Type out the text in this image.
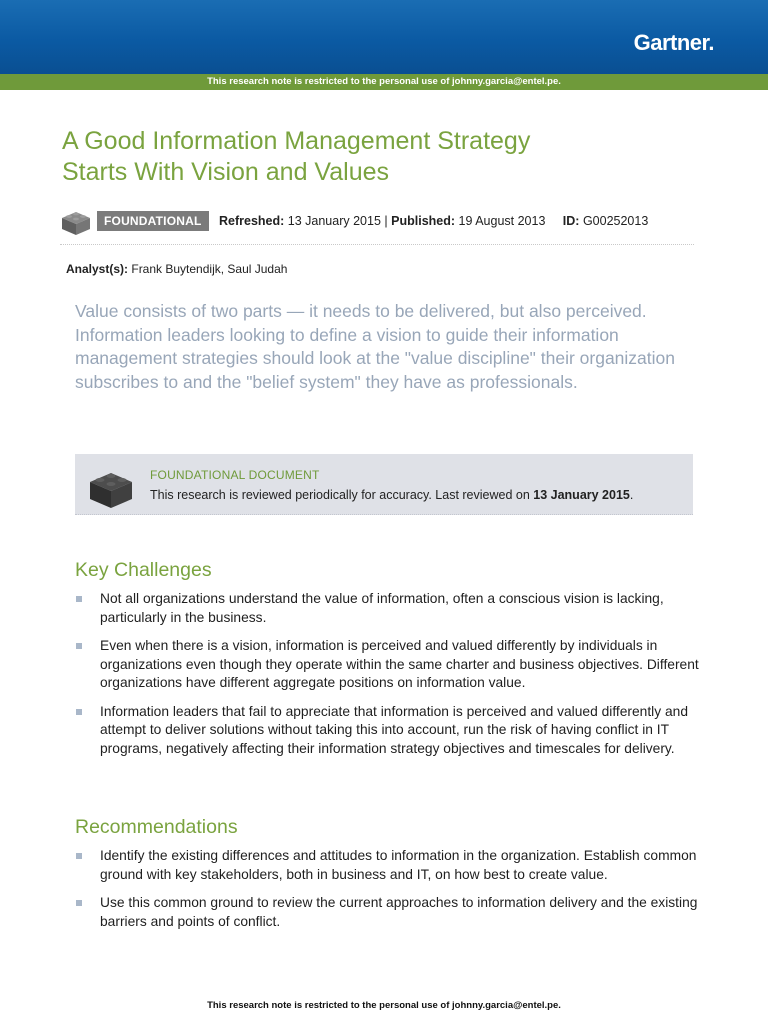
Gartner.
This research note is restricted to the personal use of johnny.garcia@entel.pe.
A Good Information Management Strategy
Starts With Vision and Values
FOUNDATIONAL	Refreshed: 13 January 2015 | Published: 19 August 2013 ID: G00252013
Analyst(s): Frank Buytendijk, Saul Judah

Value consists of two parts — it needs to be delivered, but also perceived. Information leaders looking to define a vision to guide their information management strategies should look at the "value discipline" their organization subscribes to and the "belief system" they have as professionals.

FOUNDATIONAL DOCUMENT
This research is reviewed periodically for accuracy. Last reviewed on 13 January 2015.
Key Challenges
Not all organizations understand the value of information, often a conscious vision is lacking, particularly in the business.
Even when there is a vision, information is perceived and valued differently by individuals in organizations even though they operate within the same charter and business objectives. Different organizations have different aggregate positions on information value.
Information leaders that fail to appreciate that information is perceived and valued differently and attempt to deliver solutions without taking this into account, run the risk of having conflict in IT programs, negatively affecting their information strategy objectives and timescales for delivery.
Recommendations
Identify the existing differences and attitudes to information in the organization. Establish common ground with key stakeholders, both in business and IT, on how best to create value.
Use this common ground to review the current approaches to information delivery and the existing barriers and points of conflict.
This research note is restricted to the personal use of johnny.garcia@entel.pe.
